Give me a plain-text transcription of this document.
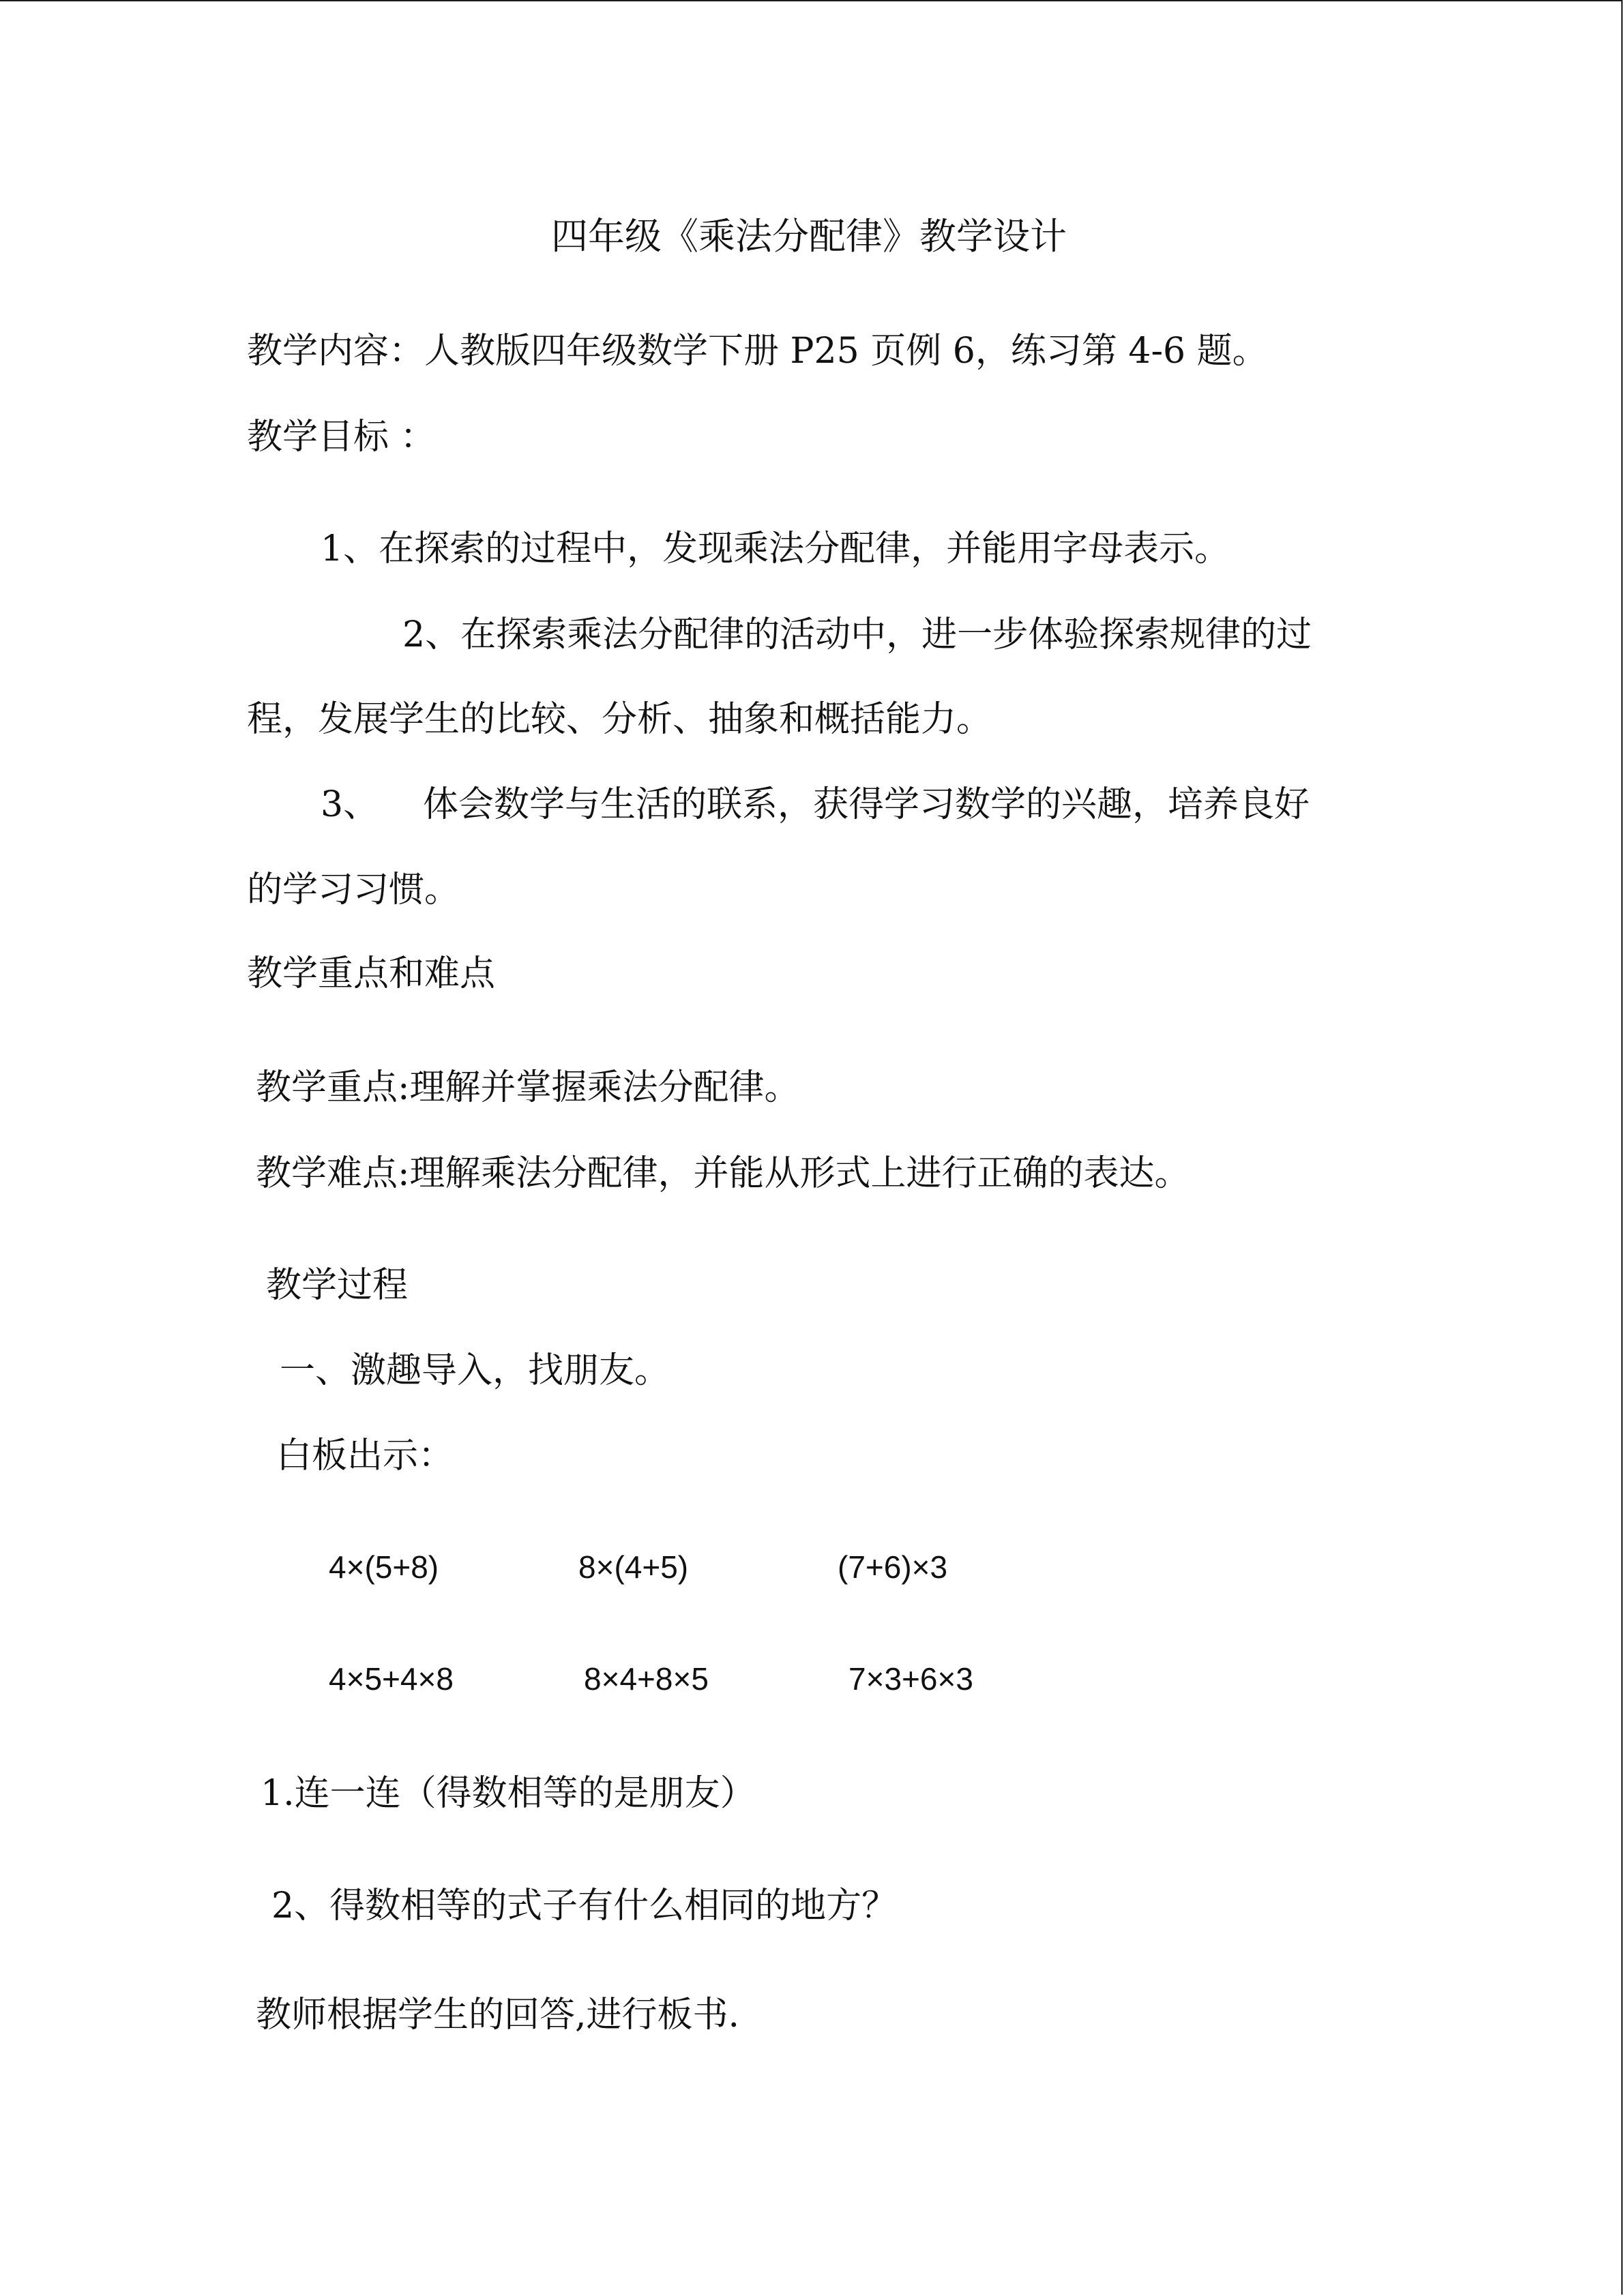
四年级《乘法分配律》教学设计
教学内容：人教版四年级数学下册 P25 页例 6，练习第 4-6 题。
教学目标 ：
1、在探索的过程中，发现乘法分配律，并能用字母表示。
2、在探索乘法分配律的活动中，进一步体验探索规律的过
程，发展学生的比较、分析、抽象和概括能力。
3、 体会数学与生活的联系，获得学习数学的兴趣，培养良好
的学习习惯。
教学重点和难点
教学重点:理解并掌握乘法分配律。
教学难点:理解乘法分配律，并能从形式上进行正确的表达。
教学过程
一、激趣导入，找朋友。
白板出示：
4×(5+8)	8×(4+5)	(7+6)×3
4×5+4×8	8×4+8×5	7×3+6×3
1.连一连（得数相等的是朋友）
2、得数相等的式子有什么相同的地方？
教师根据学生的回答,进行板书.
